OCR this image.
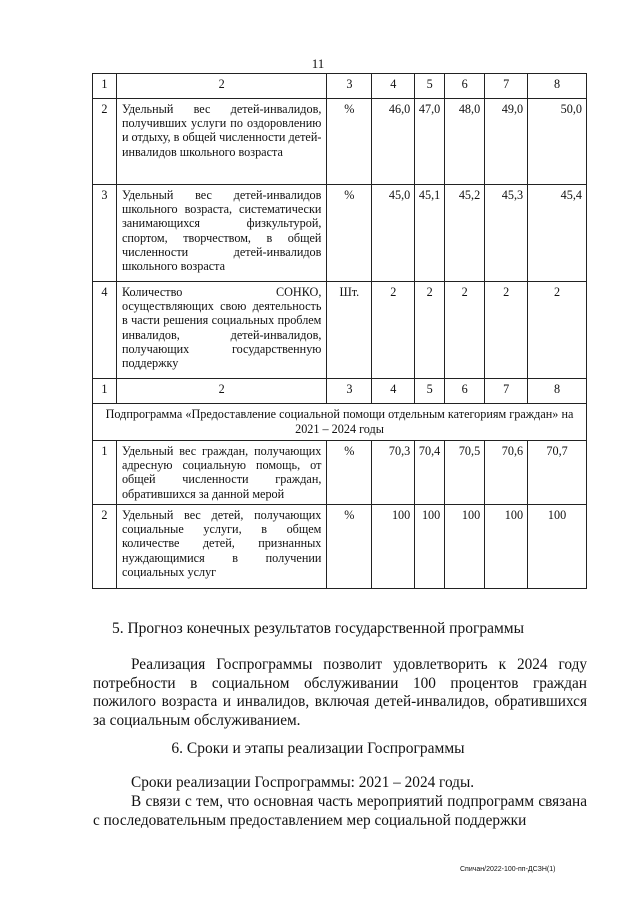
11
1	2	3	4	5	6	7	8
2	Удельный вес детей-инвалидов, получивших услуги по оздоровлению и отдыху, в общей численности детей-инвалидов школьного возраста	%	46,0	47,0	48,0	49,0	50,0
3	Удельный вес детей-инвалидов школьного возраста, систематически занимающихся физкультурой, спортом, творчеством, в общей численности детей-инвалидов школьного возраста	%	45,0	45,1	45,2	45,3	45,4
4	Количество СОНКО, осуществляющих свою деятельность в части решения социальных проблем инвалидов, детей-инвалидов, получающих государственную поддержку	Шт.	2	2	2	2	2
1	2	3	4	5	6	7	8
Подпрограмма «Предоставление социальной помощи отдельным категориям граждан» на 2021 – 2024 годы							
1	Удельный вес граждан, получающих адресную социальную помощь, от общей численности граждан, обратившихся за данной мерой	%	70,3	70,4	70,5	70,6	70,7
2	Удельный вес детей, получающих социальные услуги, в общем количестве детей, признанных нуждающимися в получении социальных услуг	%	100	100	100	100	100
5. Прогноз конечных результатов государственной программы
Реализация Госпрограммы позволит удовлетворить к 2024 году потребности в социальном обслуживании 100 процентов граждан пожилого возраста и инвалидов, включая детей-инвалидов, обратившихся за социальным обслуживанием.
6. Сроки и этапы реализации Госпрограммы
Сроки реализации Госпрограммы: 2021 – 2024 годы.
В связи с тем, что основная часть мероприятий подпрограмм связана с последовательным предоставлением мер социальной поддержки
Спичан/2022-100-пп-ДСЗН(1)
